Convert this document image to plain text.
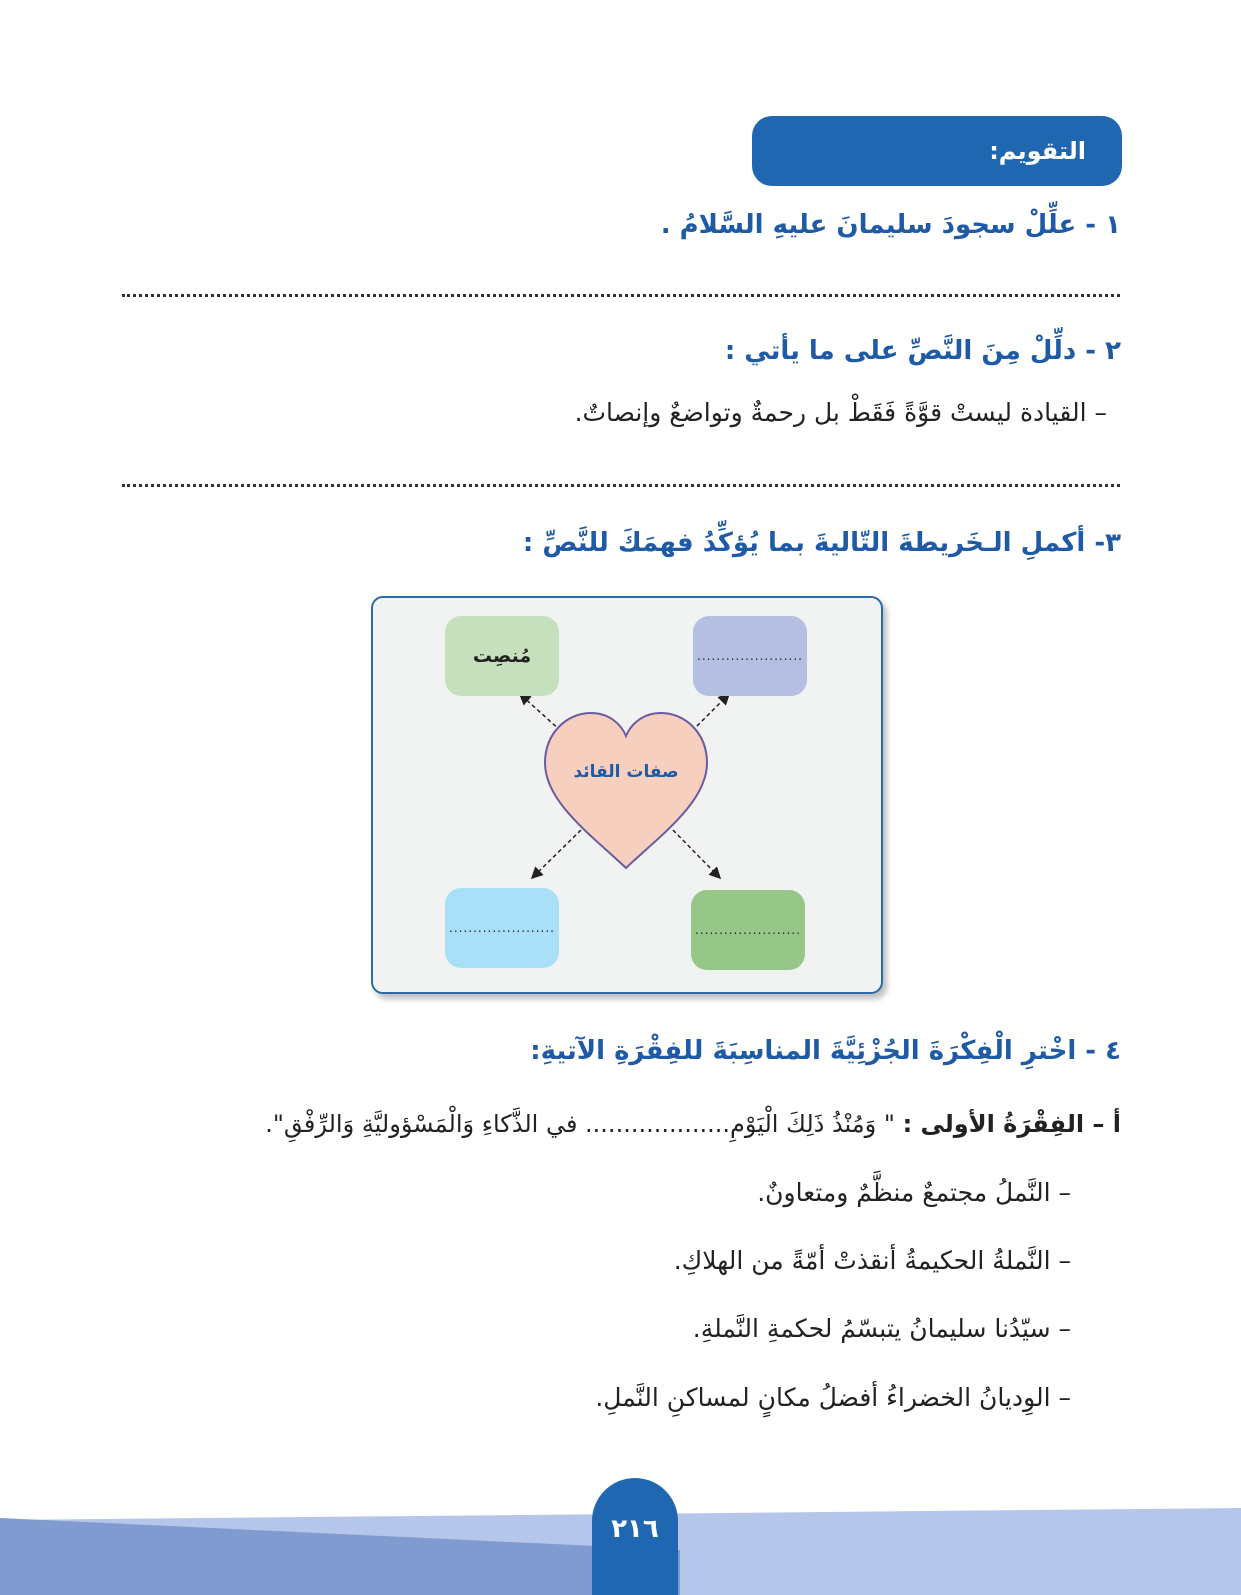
التقويم:
١ - علِّلْ سجودَ سليمانَ عليهِ السَّلامُ .
٢ - دلِّلْ مِنَ النَّصِّ على ما يأتي :
– القيادة ليستْ قوَّةً فَقَطْ بل رحمةٌ وتواضعٌ وإنصاتٌ.
٣- أكملِ الـخَريطةَ التّاليةَ بما يُؤكِّدُ فهمَكَ للنَّصِّ :
مُنصِت	......................
......................	......................
صفات القائد
٤ - اخْترِ الْفِكْرَةَ الجُزْئِيَّةَ المناسِبَةَ للفِقْرَةِ الآتيةِ:
أ – الفِقْرَةُ الأولى : " وَمُنْذُ ذَلِكَ الْيَوْمِ................... في الذَّكاءِ وَالْمَسْؤوليَّةِ وَالرِّفْقِ".
– النَّملُ مجتمعٌ منظَّمٌ ومتعاونٌ.
– النَّملةُ الحكيمةُ أنقذتْ أمّةً من الهلاكِ.
– سيّدُنا سليمانُ يتبسّمُ لحكمةِ النَّملةِ.
– الوِديانُ الخضراءُ أفضلُ مكانٍ لمساكنِ النَّملِ.
٢١٦
